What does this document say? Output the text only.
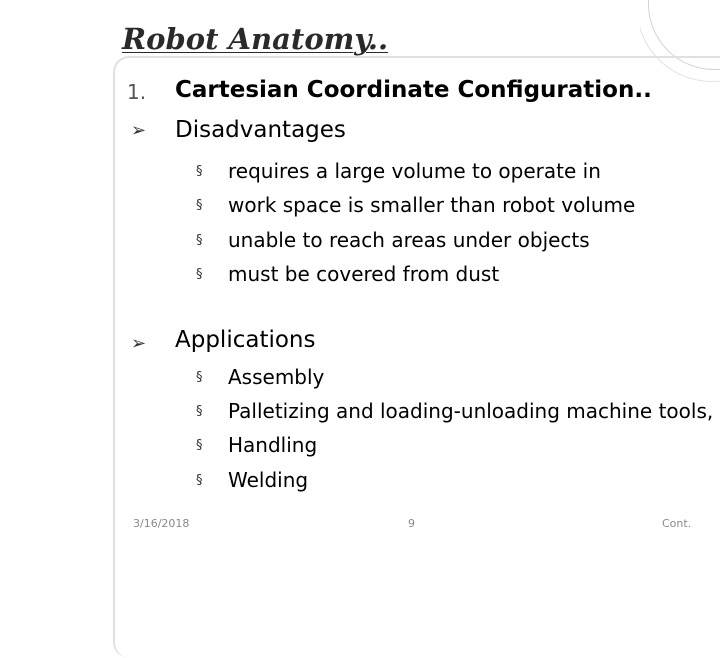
Robot Anatomy..
1. Cartesian Coordinate Configuration..
➢ Disadvantages
§ requires a large volume to operate in
§ work space is smaller than robot volume
§ unable to reach areas under objects
§ must be covered from dust
➢ Applications
§ Assembly
§ Palletizing and loading-unloading machine tools,
§ Handling
§ Welding
3/16/2018	9	Cont.
